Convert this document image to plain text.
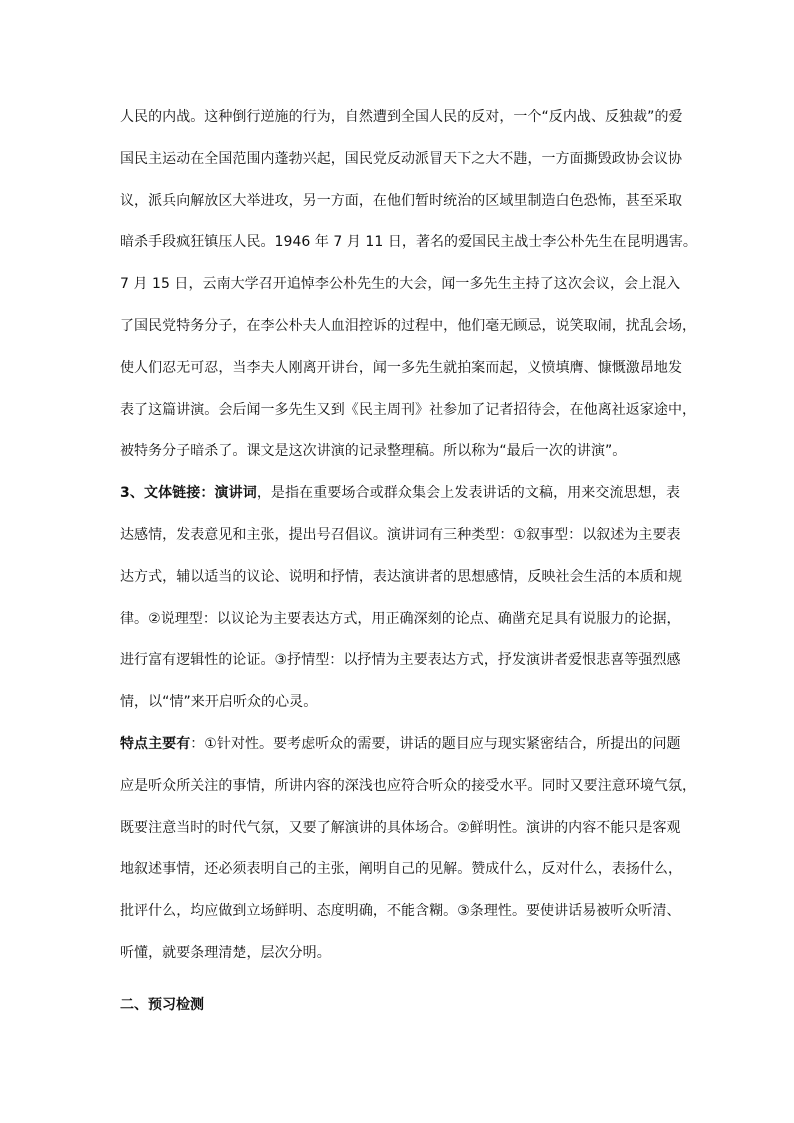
人民的内战。这种倒行逆施的行为，自然遭到全国人民的反对，一个“反内战、反独裁”的爱
国民主运动在全国范围内蓬勃兴起，国民党反动派冒天下之大不韪，一方面撕毁政协会议协
议，派兵向解放区大举进攻，另一方面，在他们暂时统治的区域里制造白色恐怖，甚至采取
暗杀手段疯狂镇压人民。1946 年 7 月 11 日，著名的爱国民主战士李公朴先生在昆明遇害。
7 月 15 日，云南大学召开追悼李公朴先生的大会，闻一多先生主持了这次会议，会上混入
了国民党特务分子，在李公朴夫人血泪控诉的过程中，他们毫无顾忌，说笑取闹，扰乱会场，
使人们忍无可忍，当李夫人刚离开讲台，闻一多先生就拍案而起，义愤填膺、慷慨激昂地发
表了这篇讲演。会后闻一多先生又到《民主周刊》社参加了记者招待会，在他离社返家途中，
被特务分子暗杀了。课文是这次讲演的记录整理稿。所以称为“最后一次的讲演”。
3、文体链接：演讲词，是指在重要场合或群众集会上发表讲话的文稿，用来交流思想，表
达感情，发表意见和主张，提出号召倡议。演讲词有三种类型：①叙事型：以叙述为主要表
达方式，辅以适当的议论、说明和抒情，表达演讲者的思想感情，反映社会生活的本质和规
律。②说理型：以议论为主要表达方式，用正确深刻的论点、确凿充足具有说服力的论据，
进行富有逻辑性的论证。③抒情型：以抒情为主要表达方式，抒发演讲者爱恨悲喜等强烈感
情，以“情”来开启听众的心灵。
特点主要有：①针对性。要考虑听众的需要，讲话的题目应与现实紧密结合，所提出的问题
应是听众所关注的事情，所讲内容的深浅也应符合听众的接受水平。同时又要注意环境气氛，
既要注意当时的时代气氛，又要了解演讲的具体场合。②鲜明性。演讲的内容不能只是客观
地叙述事情，还必须表明自己的主张，阐明自己的见解。赞成什么，反对什么，表扬什么，
批评什么，均应做到立场鲜明、态度明确，不能含糊。③条理性。要使讲话易被听众听清、
听懂，就要条理清楚，层次分明。
二、预习检测
